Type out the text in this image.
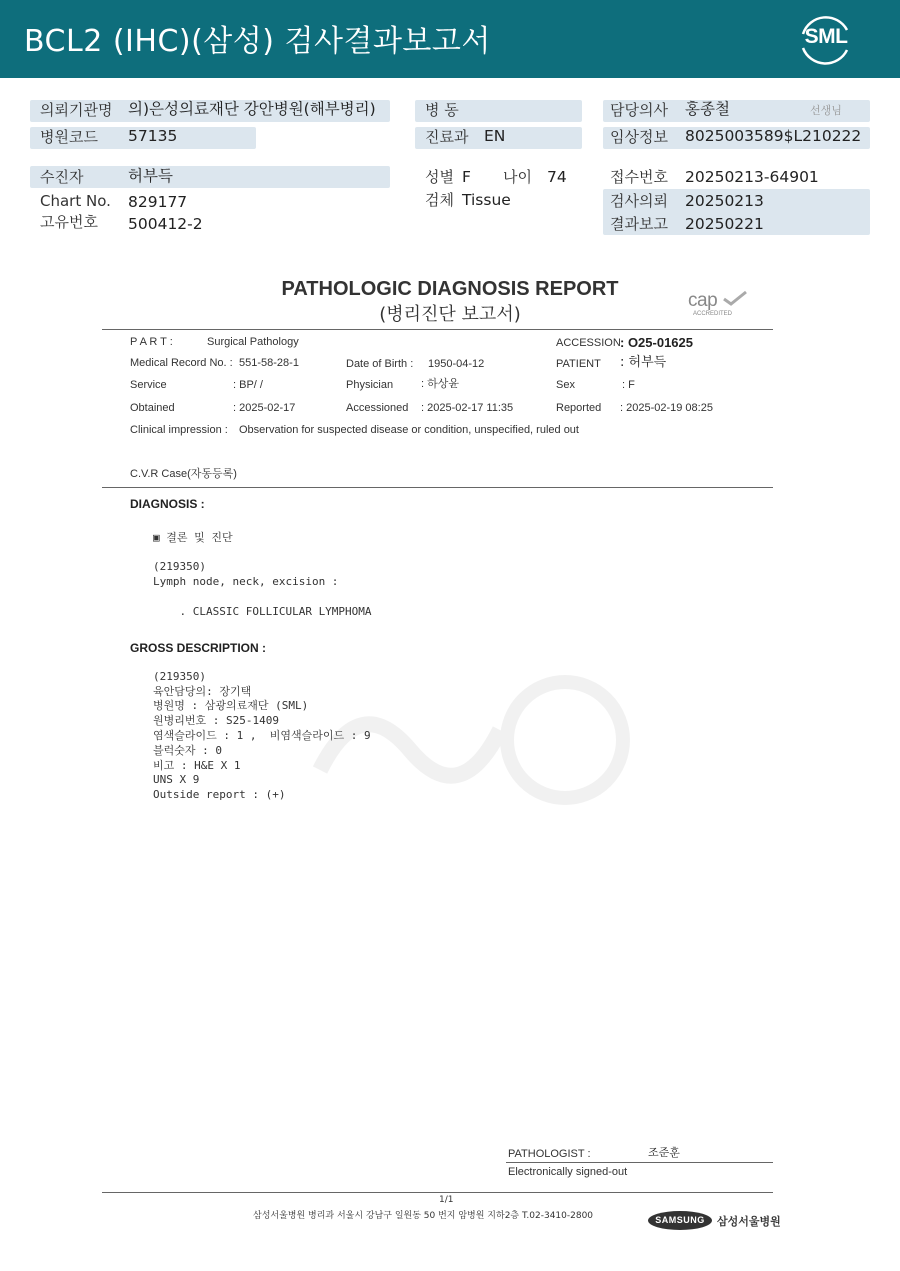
BCL2 (IHC)(삼성) 검사결과보고서	SML
의뢰기관명 의)은성의료재단 강안병원(해부병리)
병원코드 57135
병 동
진료과 EN
담당의사 홍종철	선생님
임상정보 8025003589$L210222
수진자	허부득
Chart No. 829177
고유번호 500412-2
성별 F 나이 74
검체 Tissue
접수번호 20250213-64901
검사의뢰 20250213
결과보고 20250221
PATHOLOGIC DIAGNOSIS REPORT
(병리진단 보고서)
cap
ACCREDITED
P A R T :	Surgical Pathology	ACCESSION : O25-01625
Medical Record No. : 551-58-28-1	Date of Birth : 1950-04-12	PATIENT : 허부득
Service	: BP/ /	Physician	: 하상윤	Sex	: F
Obtained	: 2025-02-17	Accessioned : 2025-02-17 11:35	Reported : 2025-02-19 08:25
Clinical impression : Observation for suspected disease or condition, unspecified, ruled out
C.V.R Case(자동등록)
DIAGNOSIS :

▣ 결론 및 진단

(219350)
Lymph node, neck, excision :

. CLASSIC FOLLICULAR LYMPHOMA

GROSS DESCRIPTION :

(219350)
육안담당의: 장기택
병원명 : 삼광의료재단 (SML)
원병리번호 : S25-1409
염색슬라이드 : 1 ,  비염색슬라이드 : 9
블럭숫자 : 0
비고 : H&E X 1
UNS X 9
Outside report : (+)

PATHOLOGIST :	조준훈
Electronically signed-out
1/1
삼성서울병원 병리과 서울시 강남구 일원동 50 번지 암병원 지하2층 T.02-3410-2800	SAMSUNG	삼성서울병원
